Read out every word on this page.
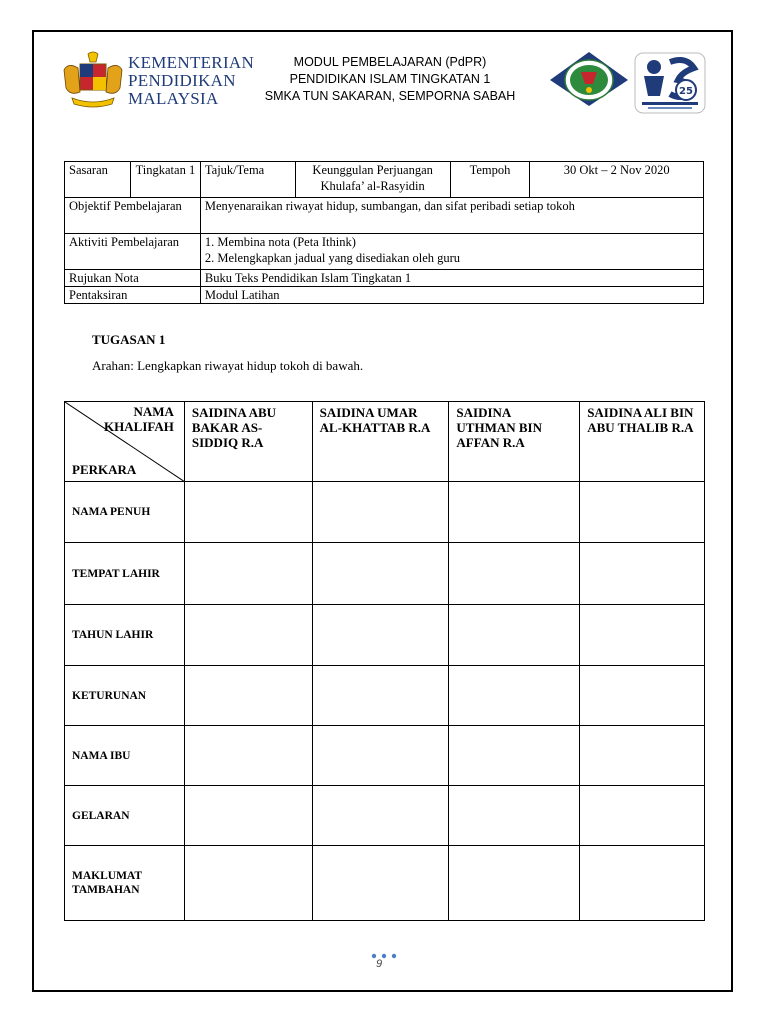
KEMENTERIAN
PENDIDIKAN
MALAYSIA
MODUL PEMBELAJARAN (PdPR)
PENDIDIKAN ISLAM TINGKATAN 1
SMKA TUN SAKARAN, SEMPORNA SABAH	25
Sasaran	Tingkatan 1	Tajuk/Tema	Keunggulan Perjuangan Khulafa’ al-Rasyidin	Tempoh	30 Okt – 2 Nov 2020
Objektif Pembelajaran		Menyenaraikan riwayat hidup, sumbangan, dan sifat peribadi setiap tokoh			
Aktiviti Pembelajaran		1. Membina nota (Peta Ithink)
2. Melengkapkan jadual yang disediakan oleh guru			

Rujukan Nota		Buku Teks Pendidikan Islam Tingkatan 1			
Pentaksiran		Modul Latihan			
TUGASAN 1
Arahan: Lengkapkan riwayat hidup tokoh di bawah.
NAMA KHALIFAH
PERKARA	SAIDINA ABU BAKAR AS-SIDDIQ R.A	SAIDINA UMAR AL-KHATTAB R.A	SAIDINA UTHMAN BIN AFFAN R.A	SAIDINA ALI BIN ABU THALIB R.A
NAMA PENUH				
TEMPAT LAHIR				
TAHUN LAHIR				
KETURUNAN				
NAMA IBU				
GELARAN				
MAKLUMAT TAMBAHAN				
9
